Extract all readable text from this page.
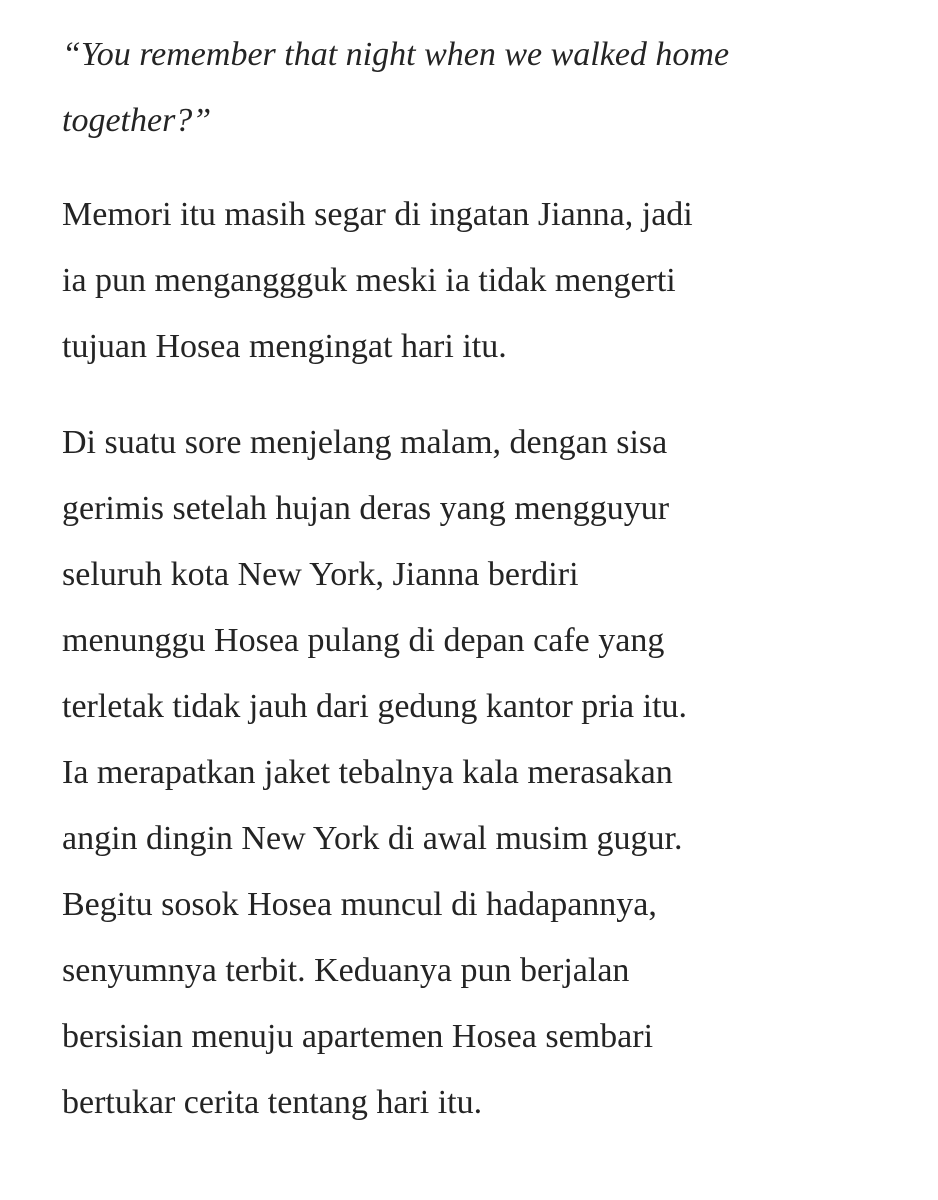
“You remember that night when we walked home
together?”

Memori itu masih segar di ingatan Jianna, jadi
ia pun menganggguk meski ia tidak mengerti
tujuan Hosea mengingat hari itu.

Di suatu sore menjelang malam, dengan sisa
gerimis setelah hujan deras yang mengguyur
seluruh kota New York, Jianna berdiri
menunggu Hosea pulang di depan cafe yang
terletak tidak jauh dari gedung kantor pria itu.
Ia merapatkan jaket tebalnya kala merasakan
angin dingin New York di awal musim gugur.
Begitu sosok Hosea muncul di hadapannya,
senyumnya terbit. Keduanya pun berjalan
bersisian menuju apartemen Hosea sembari
bertukar cerita tentang hari itu.
